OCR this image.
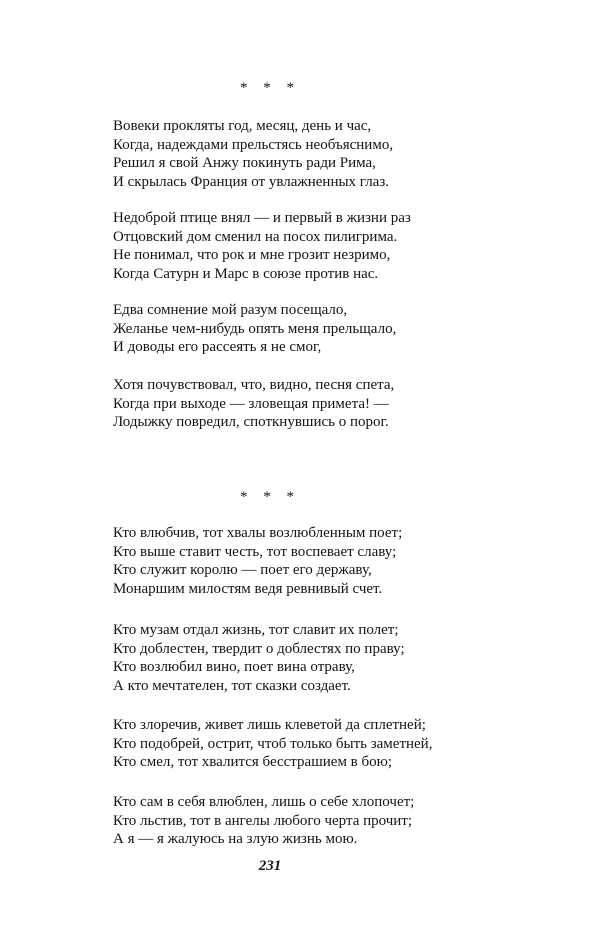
* * *
Вовеки прокляты год, месяц, день и час,
Когда, надеждами прельстясь необъяснимо,
Решил я свой Анжу покинуть ради Рима,
И скрылась Франция от увлажненных глаз.
Недоброй птице внял — и первый в жизни раз
Отцовский дом сменил на посох пилигрима.
Не понимал, что рок и мне грозит незримо,
Когда Сатурн и Марс в союзе против нас.
Едва сомнение мой разум посещало,
Желанье чем-нибудь опять меня прельщало,
И доводы его рассеять я не смог,
Хотя почувствовал, что, видно, песня спета,
Когда при выходе — зловещая примета! —
Лодыжку повредил, споткнувшись о порог.
* * *
Кто влюбчив, тот хвалы возлюбленным поет;
Кто выше ставит честь, тот воспевает славу;
Кто служит королю — поет его державу,
Монаршим милостям ведя ревнивый счет.
Кто музам отдал жизнь, тот славит их полет;
Кто доблестен, твердит о доблестях по праву;
Кто возлюбил вино, поет вина отраву,
А кто мечтателен, тот сказки создает.
Кто злоречив, живет лишь клеветой да сплетней;
Кто подобрей, острит, чтоб только быть заметней,
Кто смел, тот хвалится бесстрашием в бою;
Кто сам в себя влюблен, лишь о себе хлопочет;
Кто льстив, тот в ангелы любого черта прочит;
А я — я жалуюсь на злую жизнь мою.
231
